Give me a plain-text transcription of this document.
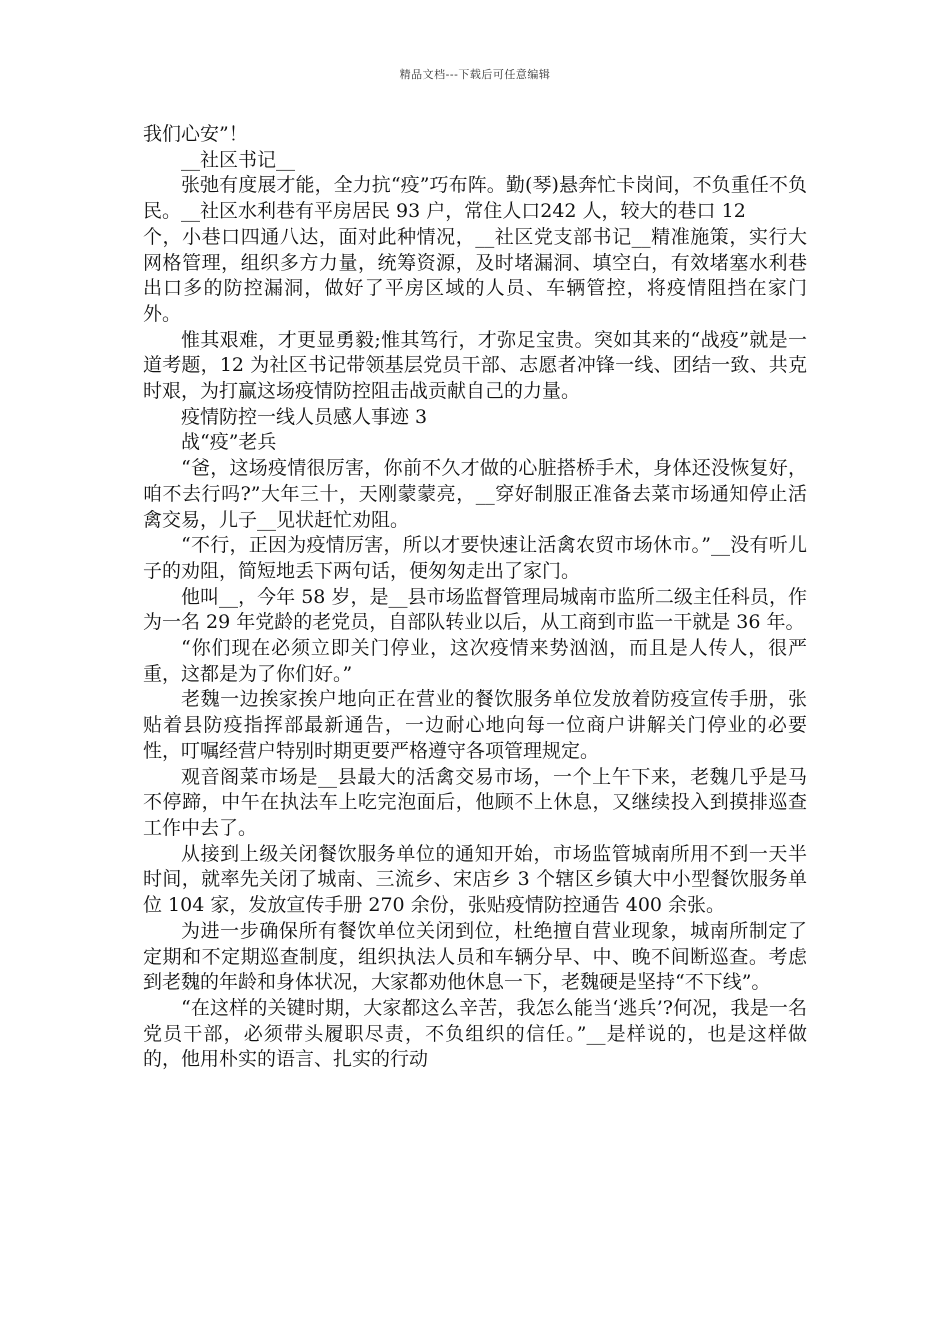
精品文档---下载后可任意编辑

我们心安”！

__社区书记__

张弛有度展才能，全力抗“疫”巧布阵。勤(琴)悬奔忙卡岗间，不负重任不负民。__社区水利巷有平房居民 93 户，常住人口242 人，较大的巷口 12

个，小巷口四通八达，面对此种情况，__社区党支部书记__精准施策，实行大网格管理，组织多方力量，统筹资源，及时堵漏洞、填空白，有效堵塞水利巷出口多的防控漏洞，做好了平房区域的人员、车辆管控，将疫情阻挡在家门外。

惟其艰难，才更显勇毅;惟其笃行，才弥足宝贵。突如其来的“战疫”就是一道考题，12 为社区书记带领基层党员干部、志愿者冲锋一线、团结一致、共克时艰，为打赢这场疫情防控阻击战贡献自己的力量。

疫情防控一线人员感人事迹 3

战“疫”老兵

“爸，这场疫情很厉害，你前不久才做的心脏搭桥手术，身体还没恢复好，咱不去行吗?”大年三十，天刚蒙蒙亮，__穿好制服正准备去菜市场通知停止活禽交易，儿子__见状赶忙劝阻。

“不行，正因为疫情厉害，所以才要快速让活禽农贸市场休市。”__没有听儿子的劝阻，简短地丢下两句话，便匆匆走出了家门。

他叫__，今年 58 岁，是__县市场监督管理局城南市监所二级主任科员，作为一名 29 年党龄的老党员，自部队转业以后，从工商到市监一干就是 36 年。

“你们现在必须立即关门停业，这次疫情来势汹汹，而且是人传人，很严重，这都是为了你们好。”

老魏一边挨家挨户地向正在营业的餐饮服务单位发放着防疫宣传手册，张贴着县防疫指挥部最新通告，一边耐心地向每一位商户讲解关门停业的必要性，叮嘱经营户特别时期更要严格遵守各项管理规定。

观音阁菜市场是__县最大的活禽交易市场，一个上午下来，老魏几乎是马不停蹄，中午在执法车上吃完泡面后，他顾不上休息，又继续投入到摸排巡查工作中去了。

从接到上级关闭餐饮服务单位的通知开始，市场监管城南所用不到一天半时间，就率先关闭了城南、三流乡、宋店乡 3 个辖区乡镇大中小型餐饮服务单位 104 家，发放宣传手册 270 余份，张贴疫情防控通告 400 余张。

为进一步确保所有餐饮单位关闭到位，杜绝擅自营业现象，城南所制定了定期和不定期巡查制度，组织执法人员和车辆分早、中、晚不间断巡查。考虑到老魏的年龄和身体状况，大家都劝他休息一下，老魏硬是坚持“不下线”。

“在这样的关键时期，大家都这么辛苦，我怎么能当‘逃兵’?何况，我是一名党员干部，必须带头履职尽责，不负组织的信任。”__是样说的，也是这样做的，他用朴实的语言、扎实的行动
